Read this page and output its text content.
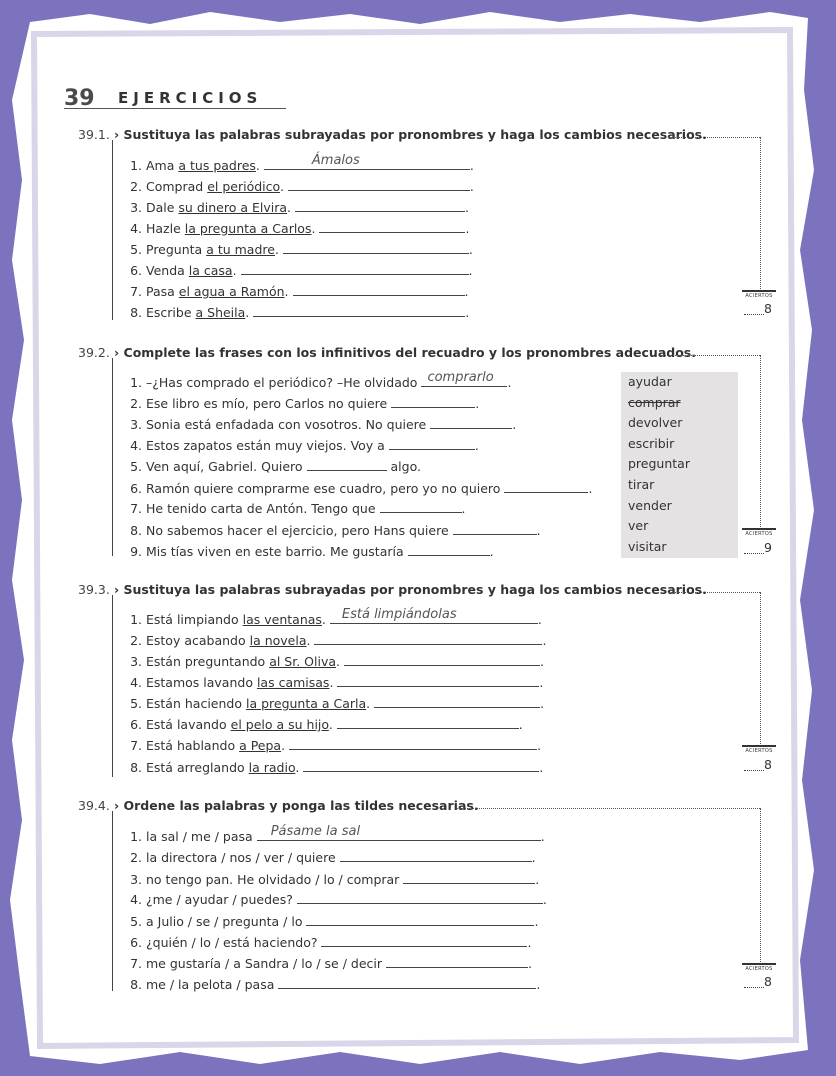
39 EJERCICIOS
39.1. › Sustituya las palabras subrayadas por pronombres y haga los cambios necesarios.
1. Ama a tus padres.	Ámalos	.
2. Comprad el periódico.	.
3. Dale su dinero a Elvira.	.
4. Hazle la pregunta a Carlos.	.
5. Pregunta a tu madre.	.
6. Venda la casa.	.
7. Pasa el agua a Ramón.	.
8. Escribe a Sheila.	.
ACIERTOS
8
39.2. › Complete las frases con los infinitivos del recuadro y los pronombres adecuados.
1. –¿Has comprado el periódico? –He olvidado comprarlo .
2. Ese libro es mío, pero Carlos no quiere	.
3. Sonia está enfadada con vosotros. No quiere	.
4. Estos zapatos están muy viejos. Voy a	.
5. Ven aquí, Gabriel. Quiero	algo.
6. Ramón quiere comprarme ese cuadro, pero yo no quiero	.
7. He tenido carta de Antón. Tengo que	.
8. No sabemos hacer el ejercicio, pero Hans quiere	.
9. Mis tías viven en este barrio. Me gustaría	.
ayudar
comprar
devolver
escribir
preguntar
tirar
vender
ver
visitar
ACIERTOS
9
39.3. › Sustituya las palabras subrayadas por pronombres y haga los cambios necesarios.
1. Está limpiando las ventanas. Está limpiándolas	.
2. Estoy acabando la novela.	.
3. Están preguntando al Sr. Oliva.	.
4. Estamos lavando las camisas.	.
5. Están haciendo la pregunta a Carla.	.
6. Está lavando el pelo a su hijo.	.
7. Está hablando a Pepa.	.
8. Está arreglando la radio.	.
ACIERTOS
8
39.4. › Ordene las palabras y ponga las tildes necesarias.
1. la sal / me / pasa Pásame la sal	.
2. la directora / nos / ver / quiere	.
3. no tengo pan. He olvidado / lo / comprar	.
4. ¿me / ayudar / puedes?	.
5. a Julio / se / pregunta / lo	.
6. ¿quién / lo / está haciendo?	.
7. me gustaría / a Sandra / lo / se / decir	.
8. me / la pelota / pasa	.
ACIERTOS
8
